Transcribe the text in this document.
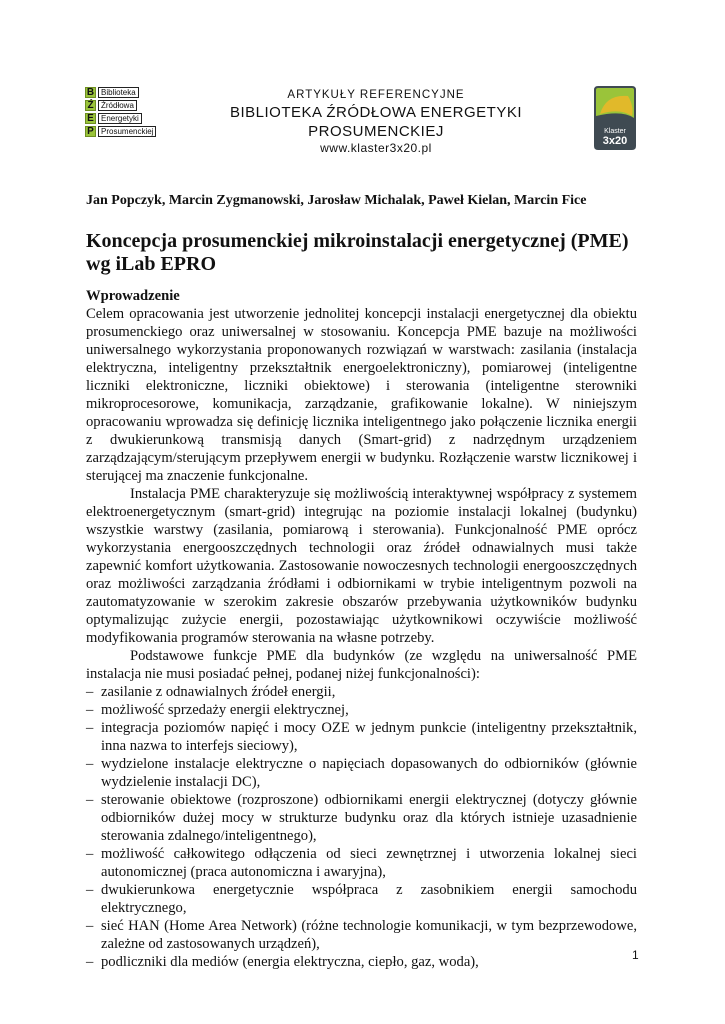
B Biblioteka
Ź Źródłowa
E Energetyki
P Prosumenckiej
ARTYKUŁY REFERENCYJNE
BIBLIOTEKA ŹRÓDŁOWA ENERGETYKI PROSUMENCKIEJ
www.klaster3x20.pl
Klaster
3x20
Jan Popczyk, Marcin Zygmanowski, Jarosław Michalak, Paweł Kielan, Marcin Fice
Koncepcja prosumenckiej mikroinstalacji energetycznej (PME) wg iLab EPRO
Wprowadzenie

Celem opracowania jest utworzenie jednolitej koncepcji instalacji energetycznej dla obiektu prosumenckiego oraz uniwersalnej w stosowaniu. Koncepcja PME bazuje na możliwości uniwersalnego wykorzystania proponowanych rozwiązań w warstwach: zasilania (instalacja elektryczna, inteligentny przekształtnik energoelektroniczny), pomiarowej (inteligentne liczniki elektroniczne, liczniki obiektowe) i sterowania (inteligentne sterowniki mikroprocesorowe, komunikacja, zarządzanie, grafikowanie lokalne). W niniejszym opracowaniu wprowadza się definicję licznika inteligentnego jako połączenie licznika energii z dwukierunkową transmisją danych (Smart-grid) z nadrzędnym urządzeniem zarządzającym/sterującym przepływem energii w budynku. Rozłączenie warstw licznikowej i sterującej ma znaczenie funkcjonalne.

Instalacja PME charakteryzuje się możliwością interaktywnej współpracy z systemem elektroenergetycznym (smart-grid) integrując na poziomie instalacji lokalnej (budynku) wszystkie warstwy (zasilania, pomiarową i sterowania). Funkcjonalność PME oprócz wykorzystania energooszczędnych technologii oraz źródeł odnawialnych musi także zapewnić komfort użytkowania. Zastosowanie nowoczesnych technologii energooszczędnych oraz możliwości zarządzania źródłami i odbiornikami w trybie inteligentnym pozwoli na zautomatyzowanie w szerokim zakresie obszarów przebywania użytkowników budynku optymalizując zużycie energii, pozostawiając użytkownikowi oczywiście możliwość modyfikowania programów sterowania na własne potrzeby.

Podstawowe funkcje PME dla budynków (ze względu na uniwersalność PME instalacja nie musi posiadać pełnej, podanej niżej funkcjonalności):

– zasilanie z odnawialnych źródeł energii,
– możliwość sprzedaży energii elektrycznej,
– integracja poziomów napięć i mocy OZE w jednym punkcie (inteligentny przekształtnik, inna nazwa to interfejs sieciowy),
– wydzielone instalacje elektryczne o napięciach dopasowanych do odbiorników (głównie wydzielenie instalacji DC),
– sterowanie obiektowe (rozproszone) odbiornikami energii elektrycznej (dotyczy głównie odbiorników dużej mocy w strukturze budynku oraz dla których istnieje uzasadnienie sterowania zdalnego/inteligentnego),
– możliwość całkowitego odłączenia od sieci zewnętrznej i utworzenia lokalnej sieci autonomicznej (praca autonomiczna i awaryjna),
– dwukierunkowa energetycznie współpraca z zasobnikiem energii samochodu elektrycznego,
– sieć HAN (Home Area Network) (różne technologie komunikacji, w tym bezprzewodowe, zależne od zastosowanych urządzeń),
– podliczniki dla mediów (energia elektryczna, ciepło, gaz, woda),	1
